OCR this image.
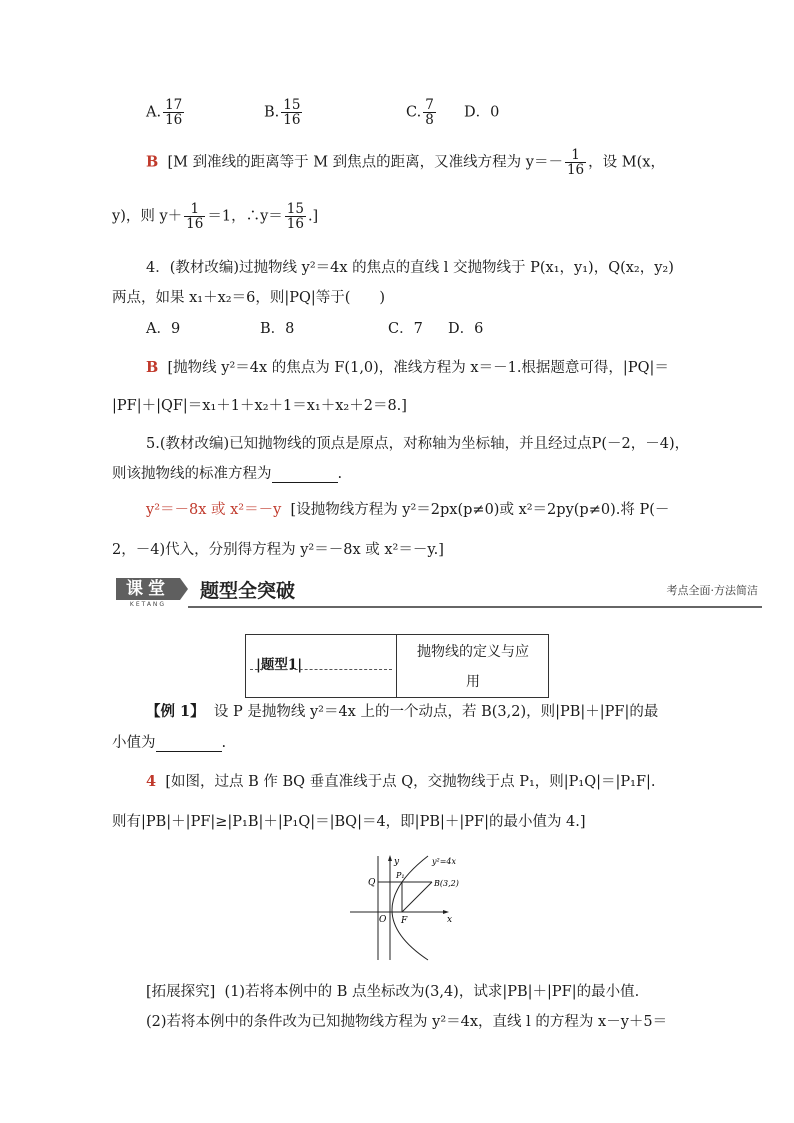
A. $\frac{17}{16}$	B. $\frac{15}{16}$	C. $\frac{7}{8}$ D．0
B [M 到准线的距离等于 M 到焦点的距离，又准线方程为 $y=- \frac{1}{16}$ ，设 M(x，
y)，则 $y+ \frac{1}{16} =1$，∴y＝ $\frac{15}{16}$ .]
4．(教材改编)过抛物线 y²＝4x 的焦点的直线 l 交抛物线于 P(x₁，y₁)，Q(x₂，y₂)
两点，如果 x₁＋x₂＝6，则|PQ|等于(　　)
A．9	B．8	C．7 D．6
B [抛物线 y²＝4x 的焦点为 F(1,0)，准线方程为 x＝－1.根据题意可得，|PQ|＝
|PF|＋|QF|＝x₁＋1＋x₂＋1＝x₁＋x₂＋2＝8.]
5.(教材改编)已知抛物线的顶点是原点，对称轴为坐标轴，并且经过点P(－2，－4)，
则该抛物线的标准方程为	.
y²＝－8x 或 x²＝－y [设抛物线方程为 y²＝2px(p≠0)或 x²＝2py(p≠0).将 P(－
2，－4)代入，分别得方程为 y²＝－8x 或 x²＝－y.]
课堂
KETANG
题型全突破	考点全面·方法简洁
|题型1|
抛物线的定义与应
用
【例 1】 设 P 是抛物线 y²＝4x 上的一个动点，若 B(3,2)，则|PB|＋|PF|的最
小值为	.
4 [如图，过点 B 作 BQ 垂直准线于点 Q，交抛物线于点 P₁，则|P₁Q|＝|P₁F|.
则有|PB|＋|PF|≥|P₁B|＋|P₁Q|＝|BQ|＝4，即|PB|＋|PF|的最小值为 4.]
y
x
y²=4x
Q
P₁
B(3,2)
O F
[拓展探究] (1)若将本例中的 B 点坐标改为(3,4)，试求|PB|＋|PF|的最小值.
(2)若将本例中的条件改为已知抛物线方程为 y²＝4x，直线 l 的方程为 x－y＋5＝
